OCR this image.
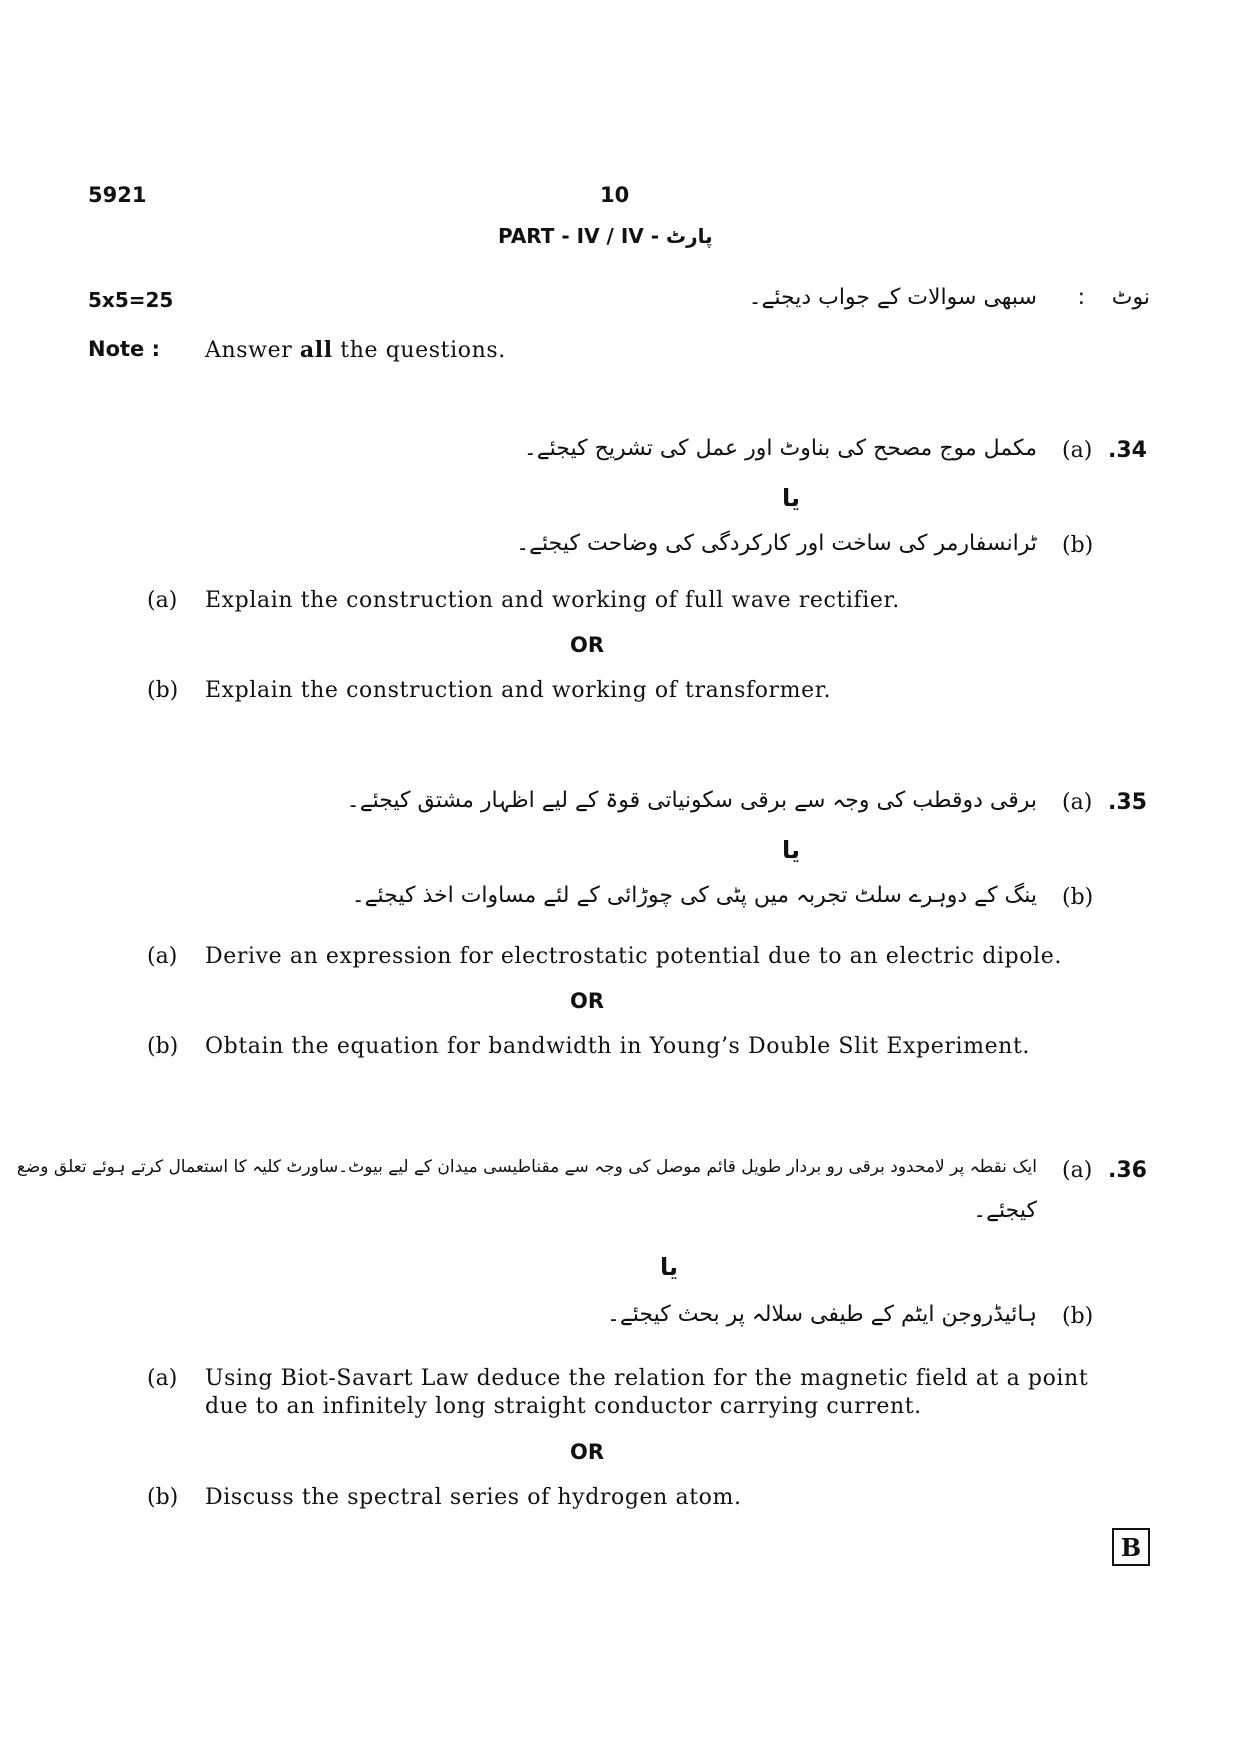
5921	10
PART - IV / IV - پارٹ
5x5=25	نوٹ
:
سبھی سوالات کے جواب دیجئے۔
Note : Answer all the questions.
.34
(a)
مکمل موج مصحح کی بناوٹ اور عمل کی تشریح کیجئے۔
یا
(b)
ٹرانسفارمر کی ساخت اور کارکردگی کی وضاحت کیجئے۔
(a) Explain the construction and working of full wave rectifier.
OR
(b) Explain the construction and working of transformer.
.35
(a)
برقی دوقطب کی وجہ سے برقی سکونیاتی قوۃ کے لیے اظہار مشتق کیجئے۔
یا
(b)
ینگ کے دوہرے سلٹ تجربہ میں پٹی کی چوڑائی کے لئے مساوات اخذ کیجئے۔
(a) Derive an expression for electrostatic potential due to an electric dipole.
OR
(b) Obtain the equation for bandwidth in Young’s Double Slit Experiment.
.36
(a)
ایک نقطہ پر لامحدود برقی رو بردار طویل قائم موصل کی وجہ سے مقناطیسی میدان کے لیے بیوٹ۔ساورٹ کلیہ کا استعمال کرتے ہوئے تعلق وضع
کیجئے۔
یا
(b)
ہائیڈروجن ایٹم کے طیفی سلالہ پر بحث کیجئے۔
(a) Using Biot-Savart Law deduce the relation for the magnetic field at a point
due to an infinitely long straight conductor carrying current.
OR
(b) Discuss the spectral series of hydrogen atom.
B
